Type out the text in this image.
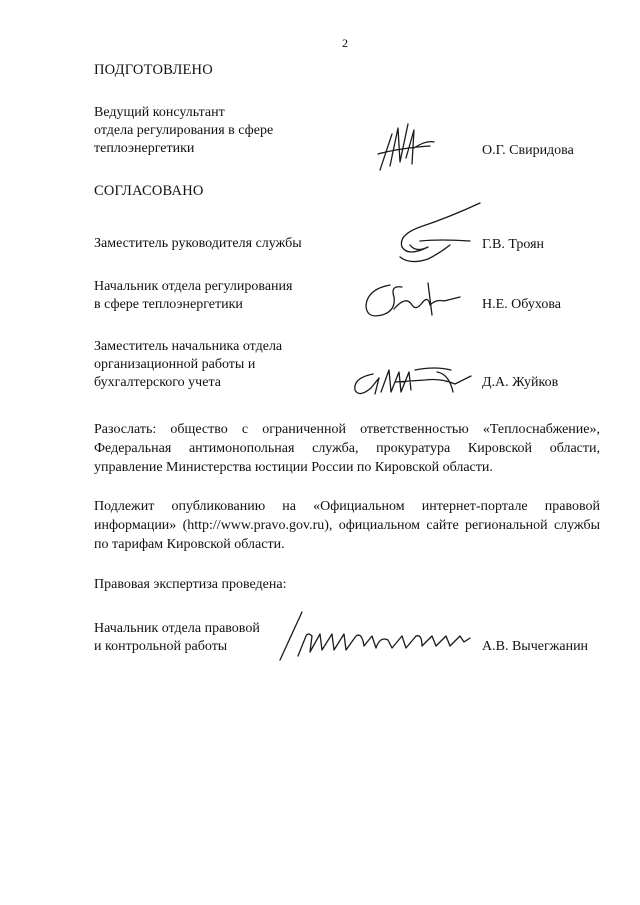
2
ПОДГОТОВЛЕНО
Ведущий консультант
отдела регулирования в сфере
теплоэнергетики	О.Г. Свиридова
СОГЛАСОВАНО
Заместитель руководителя службы	Г.В. Троян
Начальник отдела регулирования
в сфере теплоэнергетики	Н.Е. Обухова
Заместитель начальника отдела
организационной работы и
бухгалтерского учета	Д.А. Жуйков
Разослать: общество с ограниченной ответственностью «Теплоснабжение», Федеральная антимонопольная служба, прокуратура Кировской области, управление Министерства юстиции России по Кировской области.
Подлежит опубликованию на «Официальном интернет-портале правовой информации» (http://www.pravo.gov.ru), официальном сайте региональной службы по тарифам Кировской области.
Правовая экспертиза проведена:
Начальник отдела правовой
и контрольной работы	А.В. Вычегжанин
